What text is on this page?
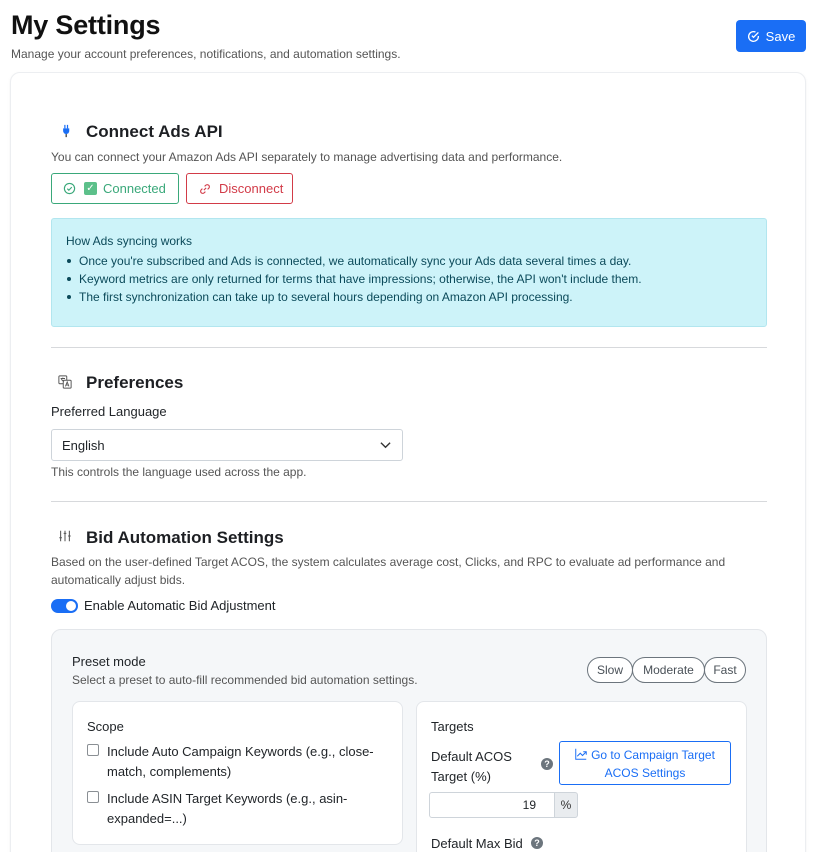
My Settings
Manage your account preferences, notifications, and automation settings.
Save
Connect Ads API
You can connect your Amazon Ads API separately to manage advertising data and performance.
✓ Connected	Disconnect
How Ads syncing works
Once you're subscribed and Ads is connected, we automatically sync your Ads data several times a day.
Keyword metrics are only returned for terms that have impressions; otherwise, the API won't include them.
The first synchronization can take up to several hours depending on Amazon API processing.
Preferences
Preferred Language
English
This controls the language used across the app.
Bid Automation Settings
Based on the user-defined Target ACOS, the system calculates average cost, Clicks, and RPC to evaluate ad performance and automatically adjust bids.
Enable Automatic Bid Adjustment
Preset mode
Select a preset to auto-fill recommended bid automation settings.
Slow	Moderate	Fast
Scope
Include Auto Campaign Keywords (e.g., close-match, complements)
Include ASIN Target Keywords (e.g., asin-expanded=...)
Targets
Default ACOS Target (%)
?
Default Max Bid	?
Go to Campaign Target ACOS Settings
19	%
